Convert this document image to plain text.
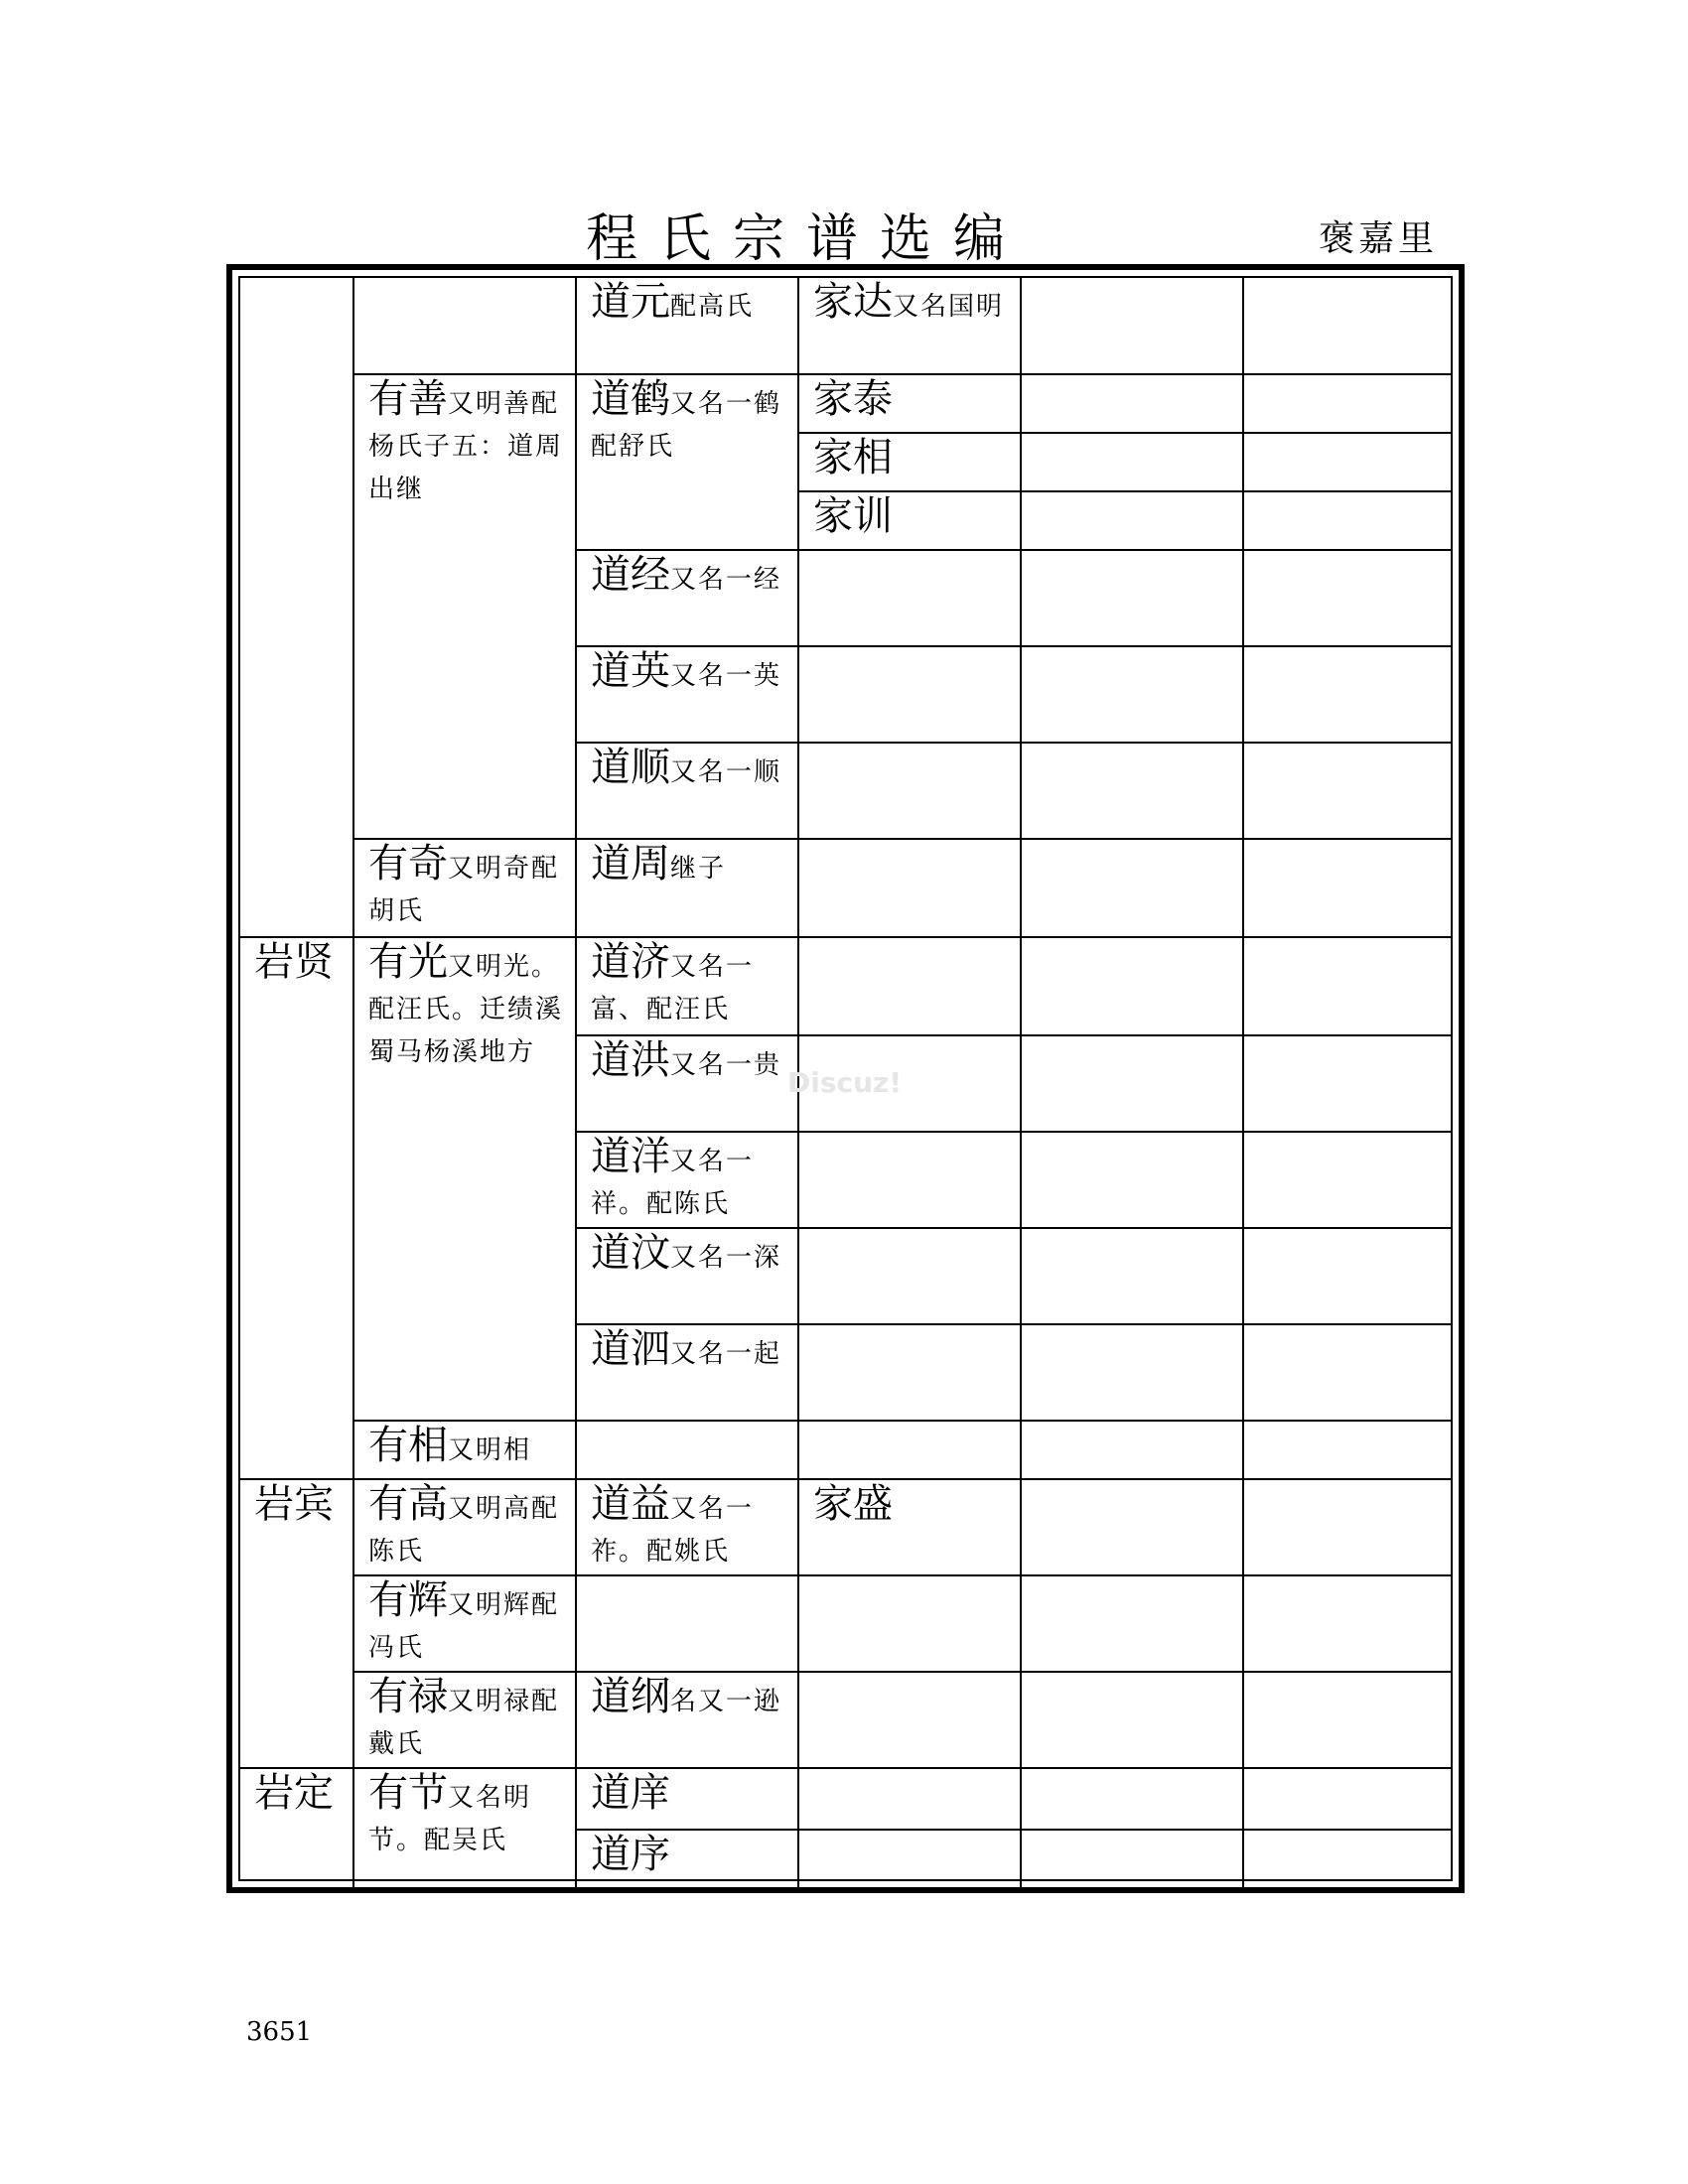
程氏宗谱选编	褒嘉里
		道元配高氏	家达又名国明		
	有善又明善配杨氏子五：道周出继	道鹤又名一鹤配舒氏	家泰		
			家相		
			家训		
		道经又名一经			
		道英又名一英			
		道顺又名一顺			
	有奇又明奇配胡氏	道周继子			
岩贤	有光又明光。配汪氏。迁绩溪蜀马杨溪地方	道济又名一富、配汪氏			
		道洪又名一贵			
		道洋又名一祥。配陈氏			
		道汶又名一深			
		道泗又名一起			
	有相又明相				
岩宾	有高又明高配陈氏	道益又名一祚。配姚氏	家盛		
	有辉又明辉配冯氏				
	有禄又明禄配戴氏	道纲名又一逊			
岩定	有节又名明节。配吴氏	道庠			
		道序			
Discuz!
3651
